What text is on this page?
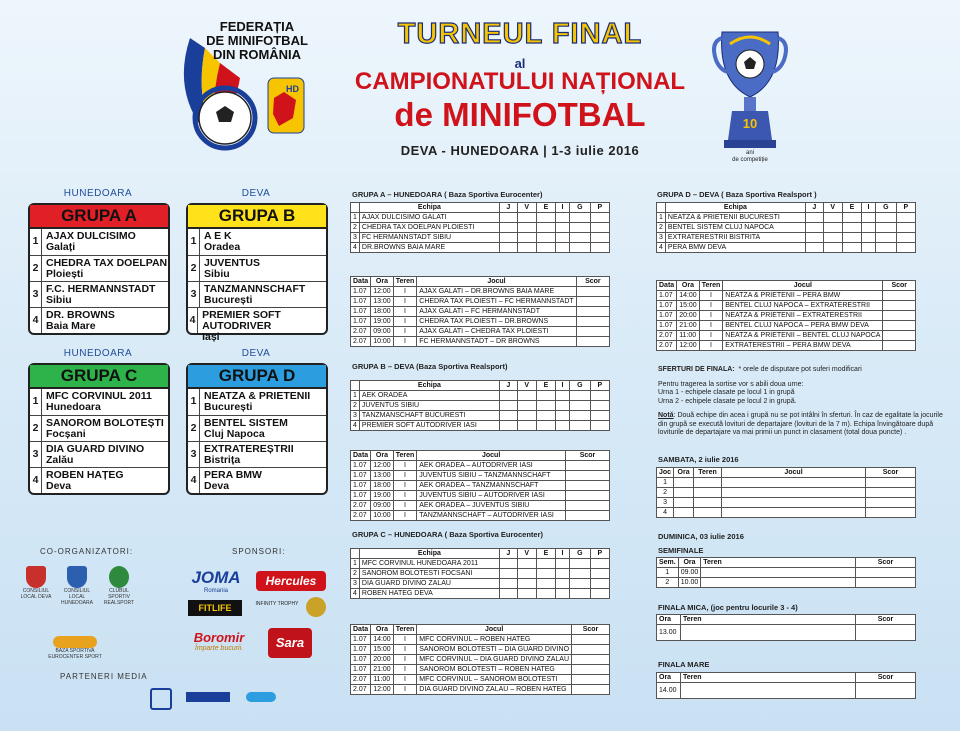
FEDERAȚIA
DE MINIFOTBAL
DIN ROMÂNIA
HD
TURNEUL FINAL
al
CAMPIONATULUI NAȚIONAL
de MINIFOTBAL
DEVA - HUNEDOARA | 1-3 iulie 2016
10
ani
de competiție
HUNEDOARA
GRUPA A
1 AJAX DULCISIMO
Galați
2 CHEDRA TAX DOELPAN
Ploiești
3 F.C. HERMANNSTADT
Sibiu
4 DR. BROWNS
Baia Mare
DEVA
GRUPA B
1 A E K
Oradea
2 JUVENTUS
Sibiu
3 TANZMANNSCHAFT
București
4 PREMIER SOFT AUTODRIVER
Iași
HUNEDOARA
GRUPA C
1 MFC CORVINUL 2011
Hunedoara
2 SANOROM BOLOTEȘTI
Focșani
3 DIA GUARD DIVINO
Zalău
4 ROBEN HAȚEG
Deva
DEVA
GRUPA D
1 NEATZA & PRIETENII
București
2 BENTEL SISTEM
Cluj Napoca
3 EXTRATEREȘTRII
Bistrița
4 PERA BMW
Deva
GRUPA A – HUNEDOARA ( Baza Sportiva Eurocenter)
	Echipa	J	V	E	I	G	P
1	AJAX DULCISIMO GALATI						
2	CHEDRA TAX DOELPAN PLOIESTI						
3	FC HERMANNSTADT SIBIU						
4	DR.BROWNS BAIA MARE						
Data	Ora	Teren	Jocul	Scor
1.07	12:00	I	AJAX GALATI – DR.BROWNS BAIA MARE	
1.07	13:00	I	CHEDRA TAX PLOIESTI – FC HERMANNSTADT	
1.07	18:00	I	AJAX GALATI – FC HERMANNSTADT	
1.07	19:00	I	CHEDRA TAX PLOIESTI – DR.BROWNS	
2.07	09:00	I	AJAX GALATI – CHEDRA TAX PLOIESTI	
2.07	10:00	I	FC HERMANNSTADT – DR BROWNS	
GRUPA B – DEVA (Baza Sportiva Realsport)
	Echipa	J	V	E	I	G	P
1	AEK ORADEA						
2	JUVENTUS SIBIU						
3	TANZMANSCHAFT BUCURESTI						
4	PREMIER SOFT AUTODRIVER IASI						
Data	Ora	Teren	Jocul	Scor
1.07	12:00	I	AEK ORADEA – AUTODRIVER IASI	
1.07	13:00	I	JUVENTUS SIBIU – TANZMANNSCHAFT	
1.07	18:00	I	AEK ORADEA – TANZMANNSCHAFT	
1.07	19:00	I	JUVENTUS SIBIU – AUTODRIVER IASI	
2.07	09:00	I	AEK ORADEA – JUVENTUS SIBIU	
2.07	10:00	I	TANZMANNSCHAFT – AUTODRIVER IASI	
GRUPA C – HUNEDOARA ( Baza Sportiva Eurocenter)
	Echipa	J	V	E	I	G	P
1	MFC CORVINUL HUNEDOARA 2011						
2	SANOROM BOLOTESTI FOCSANI						
3	DIA GUARD DIVINO ZALAU						
4	ROBEN HATEG DEVA						
Data	Ora	Teren	Jocul	Scor
1.07	14:00	I	MFC CORVINUL – ROBEN HATEG	
1.07	15:00	I	SANOROM BOLOTESTI – DIA GUARD DIVINO	
1.07	20:00	I	MFC CORVINUL – DIA GUARD DIVINO ZALAU	
1.07	21:00	I	SANOROM BOLOTESTI – ROBEN HATEG	
2.07	11:00	I	MFC CORVINUL – SANOROM BOLOTESTI	
2.07	12:00	I	DIA GUARD DIVINO ZALAU – ROBEN HATEG	
GRUPA D – DEVA ( Baza Sportiva Realsport )
	Echipa	J	V	E	I	G	P
1	NEATZA & PRIETENII BUCURESTI						
2	BENTEL SISTEM CLUJ NAPOCA						
3	EXTRATERESTRII BISTRITA						
4	PERA BMW DEVA						
Data	Ora	Teren	Jocul	Scor
1.07	14:00	I	NEATZA & PRIETENII – PERA BMW	
1.07	15:00	I	BENTEL CLUJ NAPOCA – EXTRATERESTRII	
1.07	20:00	I	NEATZA & PRIETENII – EXTRATERESTRII	
1.07	21:00	I	BENTEL CLUJ NAPOCA – PERA BMW DEVA	
2.07	11:00	I	NEATZA & PRIETENII – BENTEL CLUJ NAPOCA	
2.07	12:00	I	EXTRATERESTRII – PERA BMW DEVA	
SFERTURI DE FINALA: * orele de disputare pot suferi modificari
Pentru tragerea la sortise vor s abili doua urne:
Urna 1 - echipele clasate pe locul 1 in grupă
Urna 2 - echipele clasate pe locul 2 in grupă.
Notă: Două echipe din acea i grupă nu se pot intâlni în sferturi. În caz de egalitate la jocurile
din grupă se execută lovituri de departajare (lovituri de la 7 m). Echipa învingătoare după
loviturile de departajare va mai primii un punct in clasament (total doua puncte) .
SAMBATA, 2 iulie 2016
Joc	Ora	Teren	Jocul	Scor
1				
2				
3				
4				
DUMINICA, 03 iulie 2016
SEMIFINALE
Sem.	Ora	Teren	Scor
1	09.00		
2	10.00		
FINALA MICA, (joc pentru locurile 3 - 4)
Ora	Teren	Scor
13.00		
FINALA MARE
Ora	Teren	Scor
14.00		
CO-ORGANIZATORI:	SPONSORI:
PARTENERI MEDIA
CONSILIUL LOCAL DEVA
CONSILIUL LOCAL HUNEDOARA
CLUBUL SPORTIV REALSPORT
BAZA SPORTIVA EUROCENTER SPORT
JOMA
Romania
Hercules
FITLIFE	INFINITY TROPHY
Boromir
Împarte bucurii.	Sara
